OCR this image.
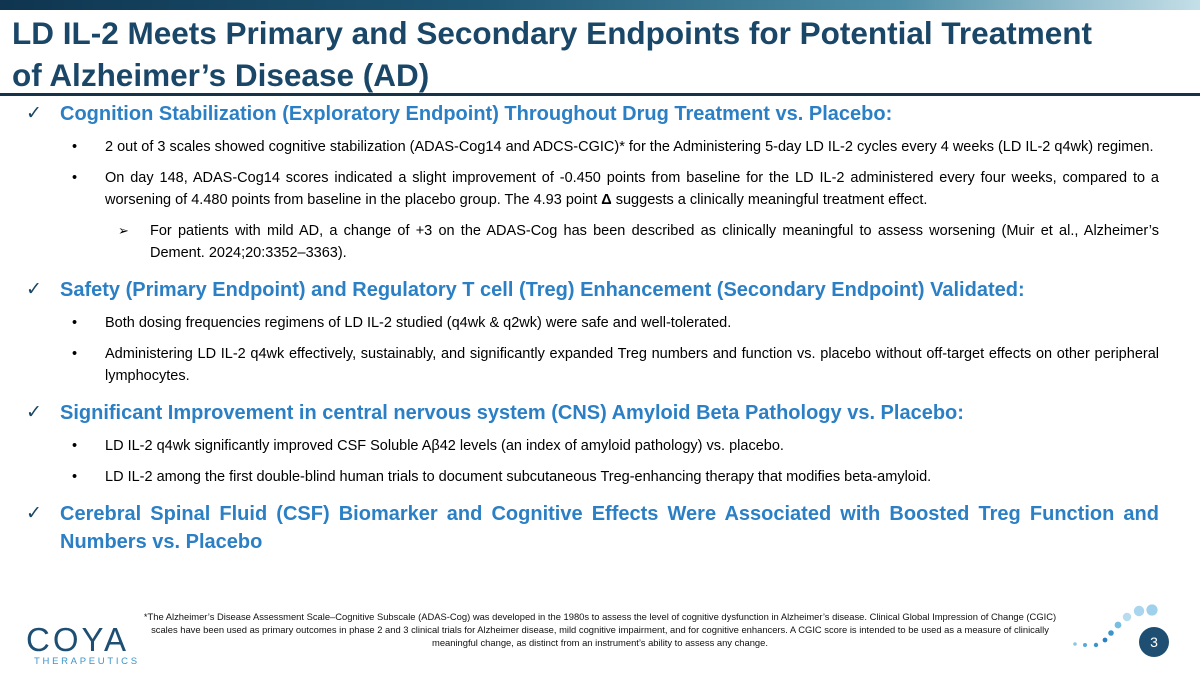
LD IL-2 Meets Primary and Secondary Endpoints for Potential Treatment of Alzheimer’s Disease (AD)
✓ Cognition Stabilization (Exploratory Endpoint) Throughout Drug Treatment vs. Placebo:
• 2 out of 3 scales showed cognitive stabilization (ADAS-Cog14 and ADCS-CGIC)* for the Administering 5-day LD IL-2 cycles every 4 weeks (LD IL-2 q4wk) regimen.
• On day 148, ADAS-Cog14 scores indicated a slight improvement of -0.450 points from baseline for the LD IL-2 administered every four weeks, compared to a worsening of 4.480 points from baseline in the placebo group. The 4.93 point Δ suggests a clinically meaningful treatment effect.
➢ For patients with mild AD, a change of +3 on the ADAS-Cog has been described as clinically meaningful to assess worsening (Muir et al., Alzheimer’s Dement. 2024;20:3352–3363).
✓ Safety (Primary Endpoint) and Regulatory T cell (Treg) Enhancement (Secondary Endpoint) Validated:
• Both dosing frequencies regimens of LD IL-2 studied (q4wk & q2wk) were safe and well-tolerated.
• Administering LD IL-2 q4wk effectively, sustainably, and significantly expanded Treg numbers and function vs. placebo without off-target effects on other peripheral lymphocytes.
✓ Significant Improvement in central nervous system (CNS) Amyloid Beta Pathology vs. Placebo:
• LD IL-2 q4wk significantly improved CSF Soluble Aβ42 levels (an index of amyloid pathology) vs. placebo.
• LD IL-2 among the first double-blind human trials to document subcutaneous Treg-enhancing therapy that modifies beta-amyloid.
✓ Cerebral Spinal Fluid (CSF) Biomarker and Cognitive Effects Were Associated with Boosted Treg Function and Numbers vs. Placebo
*The Alzheimer’s Disease Assessment Scale–Cognitive Subscale (ADAS-Cog) was developed in the 1980s to assess the level of cognitive dysfunction in Alzheimer’s disease. Clinical Global Impression of Change (CGIC) scales have been used as primary outcomes in phase 2 and 3 clinical trials for Alzheimer disease, mild cognitive impairment, and for cognitive enhancers. A CGIC score is intended to be used as a measure of clinically meaningful change, as distinct from an instrument’s ability to assess any change.
COYA
THERAPEUTICS
3
